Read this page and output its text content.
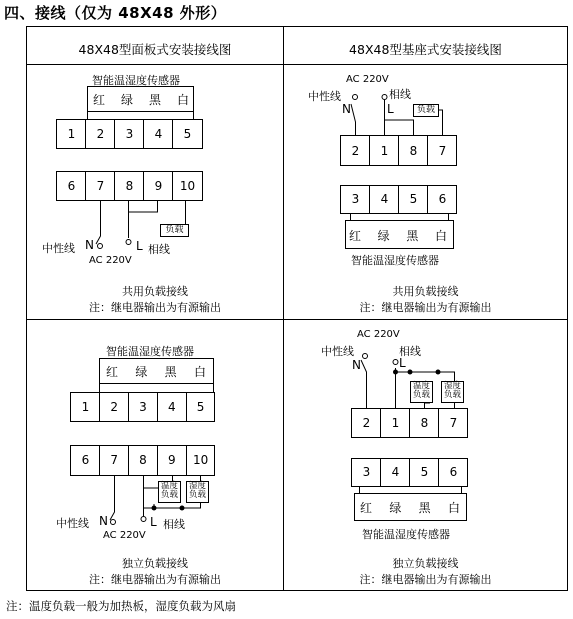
四、接线（仅为 48X48 外形）
48X48型面板式安装接线图	48X48型基座式安装接线图
智能温湿度传感器
红 绿 黑 白
1	2	3	4	5
6	7	8	9	10
负载
中性线 N	L 相线
AC 220V
共用负载接线
注：继电器输出为有源输出
AC 220V
中性线
N
相线
L	负载
2	1	8	7
3	4	5	6
红 绿 黑 白
智能温湿度传感器
共用负载接线
注：继电器输出为有源输出
智能温湿度传感器
红 绿 黑 白
1	2	3	4	5
6	7	8	9	10
温度
负载
湿度
负载
中性线 N	L 相线
AC 220V
独立负载接线
注：继电器输出为有源输出
AC 220V
中性线
N
相线
L
温度
负载
湿度
负载
2	1	8	7
3	4	5	6
红 绿 黑 白
智能温湿度传感器
独立负载接线
注：继电器输出为有源输出
注：温度负载一般为加热板，湿度负载为风扇
